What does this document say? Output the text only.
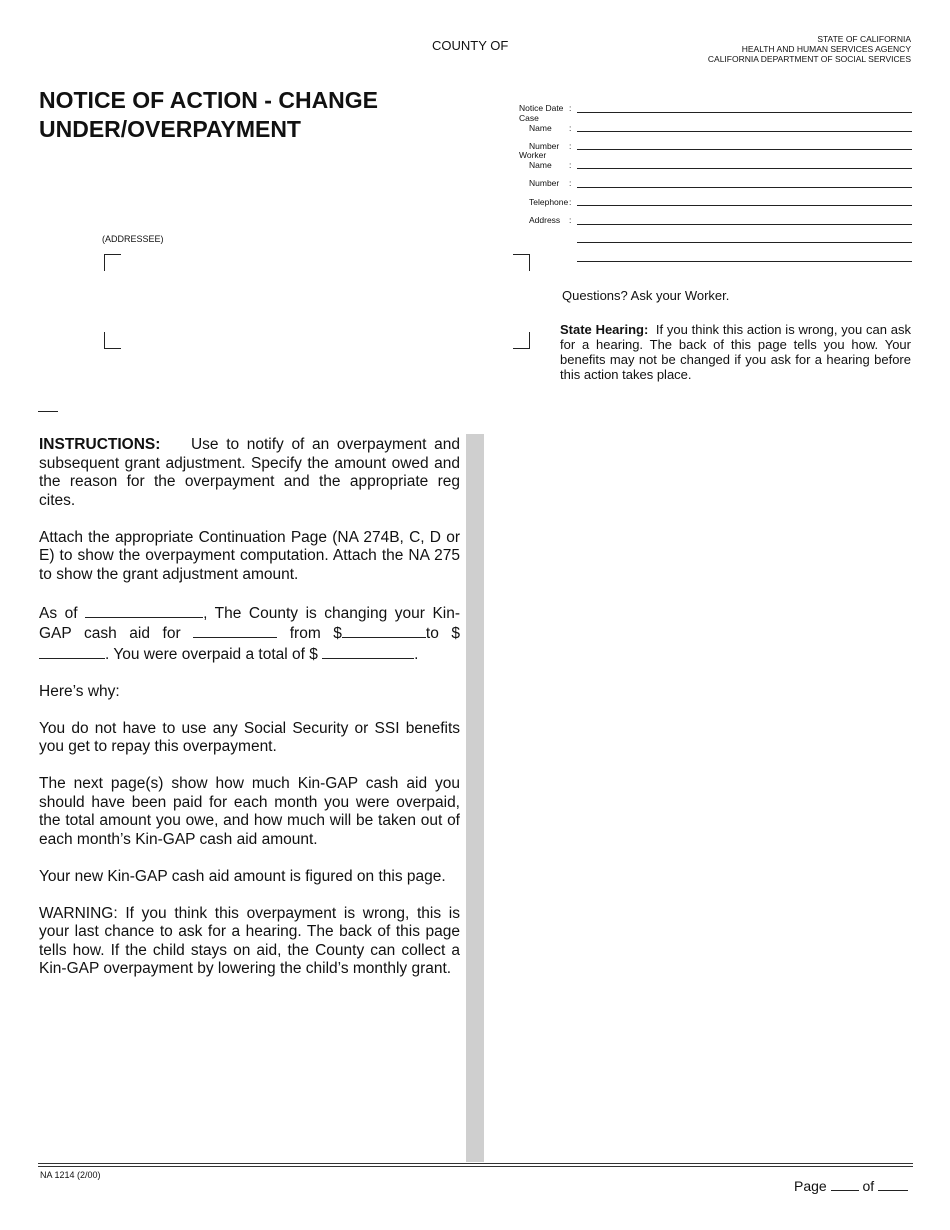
COUNTY OF	STATE OF CALIFORNIA
HEALTH AND HUMAN SERVICES AGENCY
CALIFORNIA DEPARTMENT OF SOCIAL SERVICES
NOTICE OF ACTION - CHANGE
UNDER/OVERPAYMENT
Notice Date :
Case
Name :
Number :
Worker
Name :
Number :
Telephone :
Address :
(ADDRESSEE)
Questions? Ask your Worker.
State Hearing: If you think this action is wrong, you can ask for a hearing. The back of this page tells you how. Your benefits may not be changed if you ask for a hearing before this action takes place.

INSTRUCTIONS: Use to notify of an overpayment and subsequent grant adjustment. Specify the amount owed and the reason for the overpayment and the appropriate reg cites.

Attach the appropriate Continuation Page (NA 274B, C, D or E) to show the overpayment computation. Attach the NA 275 to show the grant adjustment amount.

As of	, The County is changing your Kin-GAP cash aid for	from $	to $. You were overpaid a total of $	.

Here’s why:

You do not have to use any Social Security or SSI benefits you get to repay this overpayment.

The next page(s) show how much Kin-GAP cash aid you should have been paid for each month you were overpaid, the total amount you owe, and how much will be taken out of each month’s Kin-GAP cash aid amount.

Your new Kin-GAP cash aid amount is figured on this page.

WARNING: If you think this overpayment is wrong, this is your last chance to ask for a hearing. The back of this page tells how. If the child stays on aid, the County can collect a Kin-GAP overpayment by lowering the child’s monthly grant.

NA 1214 (2/00)
Page	of
